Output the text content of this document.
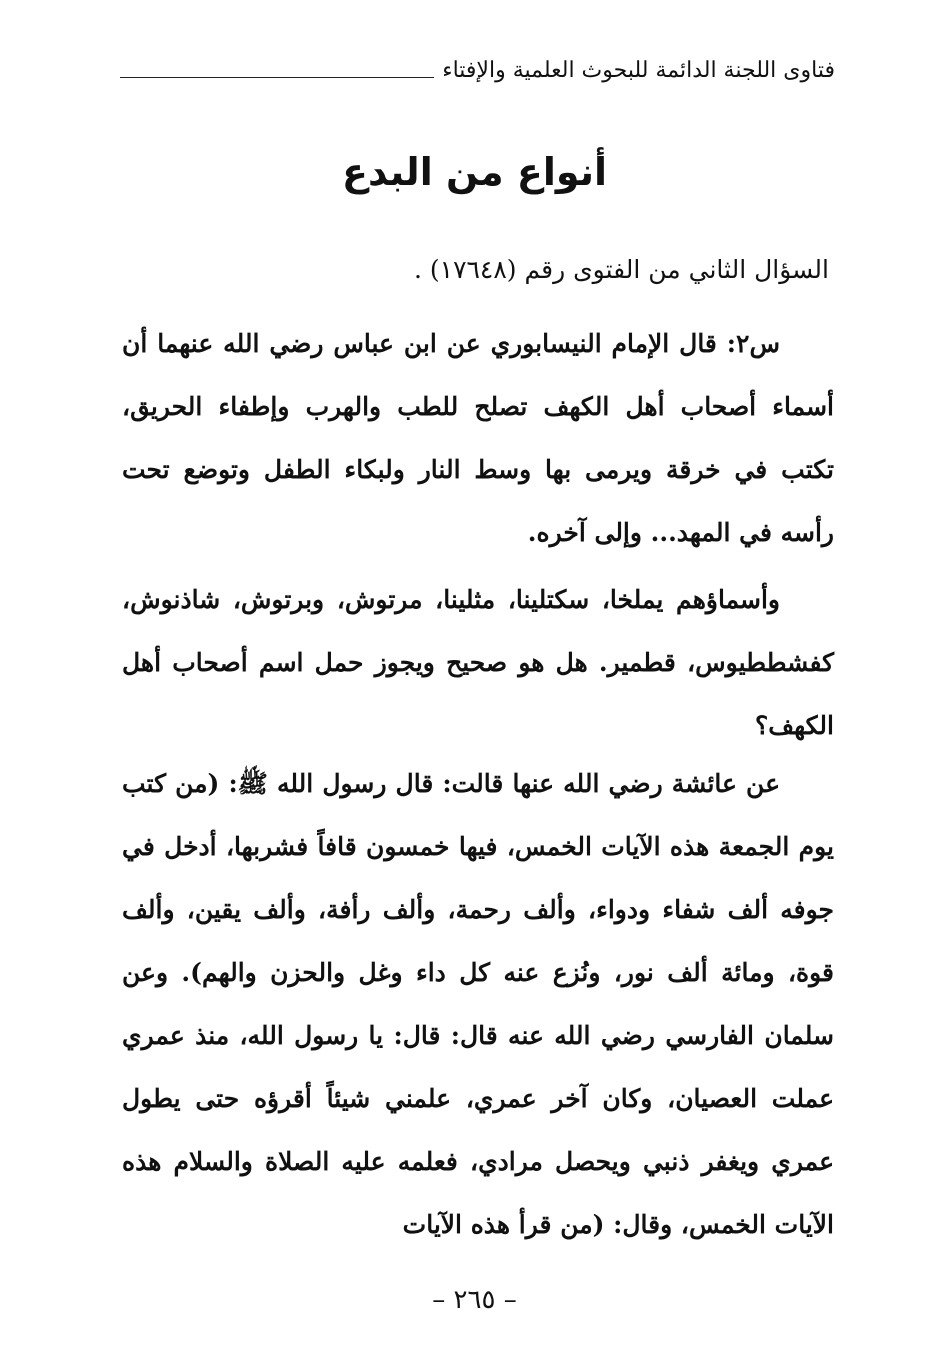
فتاوى اللجنة الدائمة للبحوث العلمية والإفتاء
أنواع من البدع
السؤال الثاني من الفتوى رقم (١٧٦٤٨) .
س٢: قال الإمام النيسابوري عن ابن عباس رضي الله عنهما أن أسماء أصحاب أهل الكهف تصلح للطب والهرب وإطفاء الحريق، تكتب في خرقة ويرمى بها وسط النار ولبكاء الطفل وتوضع تحت رأسه في المهد... وإلى آخره.
وأسماؤهم يملخا، سكتلينا، مثلينا، مرتوش، وبرتوش، شاذنوش، كفشططيوس، قطمير. هل هو صحيح ويجوز حمل اسم أصحاب أهل الكهف؟
عن عائشة رضي الله عنها قالت: قال رسول الله ﷺ: (من كتب يوم الجمعة هذه الآيات الخمس، فيها خمسون قافاً فشربها، أدخل في جوفه ألف شفاء ودواء، وألف رحمة، وألف رأفة، وألف يقين، وألف قوة، ومائة ألف نور، ونُزع عنه كل داء وغل والحزن والهم). وعن سلمان الفارسي رضي الله عنه قال: قال: يا رسول الله، منذ عمري عملت العصيان، وكان آخر عمري، علمني شيئاً أقرؤه حتى يطول عمري ويغفر ذنبي ويحصل مرادي، فعلمه عليه الصلاة والسلام هذه الآيات الخمس، وقال: (من قرأ هذه الآيات
– ٢٦٥ –
